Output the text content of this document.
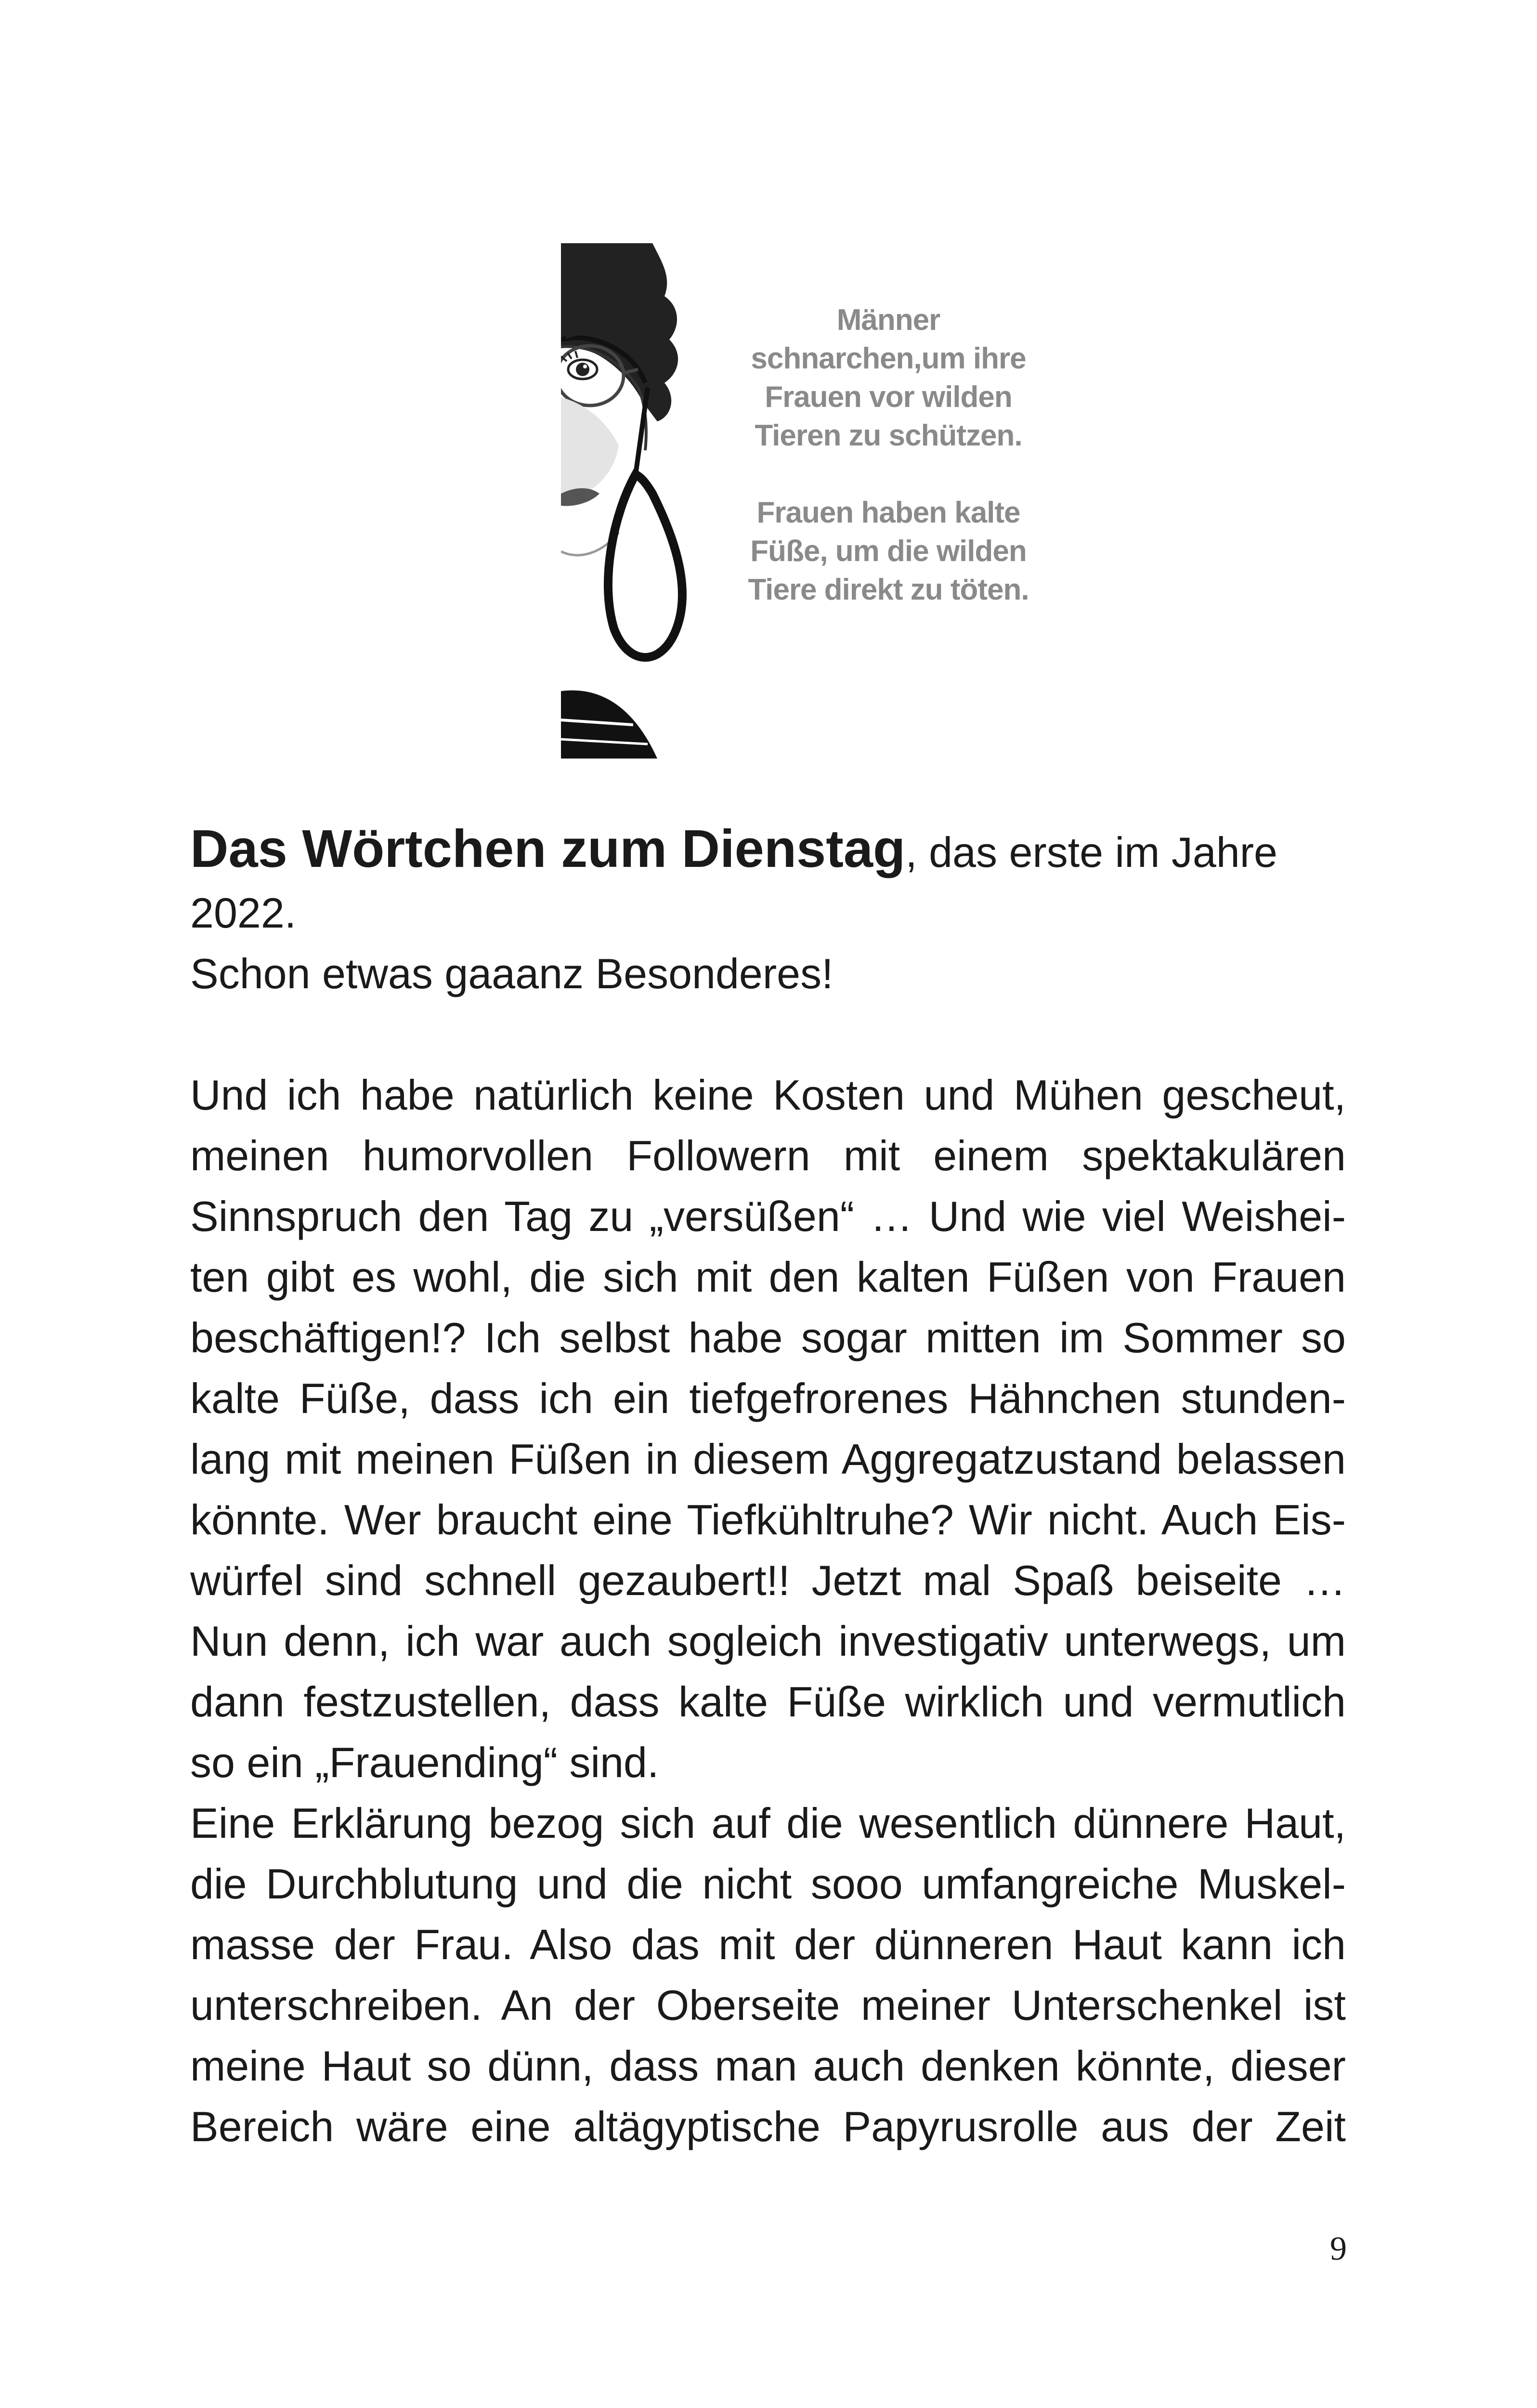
Männer
schnarchen,um ihre
Frauen vor wilden
Tieren zu schützen.
Frauen haben kalte
Füße, um die wilden
Tiere direkt zu töten.
Das Wörtchen zum Dienstag, das erste im Jahre
2022.
Schon etwas gaaanz Besonderes!
Und ich habe natürlich keine Kosten und Mühen gescheut,
meinen humorvollen Followern mit einem spektakulären
Sinnspruch den Tag zu „versüßen“ … Und wie viel Weishei-
ten gibt es wohl, die sich mit den kalten Füßen von Frauen
beschäftigen!? Ich selbst habe sogar mitten im Sommer so
kalte Füße, dass ich ein tiefgefrorenes Hähnchen stunden-
lang mit meinen Füßen in diesem Aggregatzustand belassen
könnte. Wer braucht eine Tiefkühltruhe? Wir nicht. Auch Eis-
würfel sind schnell gezaubert!! Jetzt mal Spaß beiseite …
Nun denn, ich war auch sogleich investigativ unterwegs, um
dann festzustellen, dass kalte Füße wirklich und vermutlich
so ein „Frauending“ sind.
Eine Erklärung bezog sich auf die wesentlich dünnere Haut,
die Durchblutung und die nicht sooo umfangreiche Muskel-
masse der Frau. Also das mit der dünneren Haut kann ich
unterschreiben. An der Oberseite meiner Unterschenkel ist
meine Haut so dünn, dass man auch denken könnte, dieser
Bereich wäre eine altägyptische Papyrusrolle aus der Zeit
9
